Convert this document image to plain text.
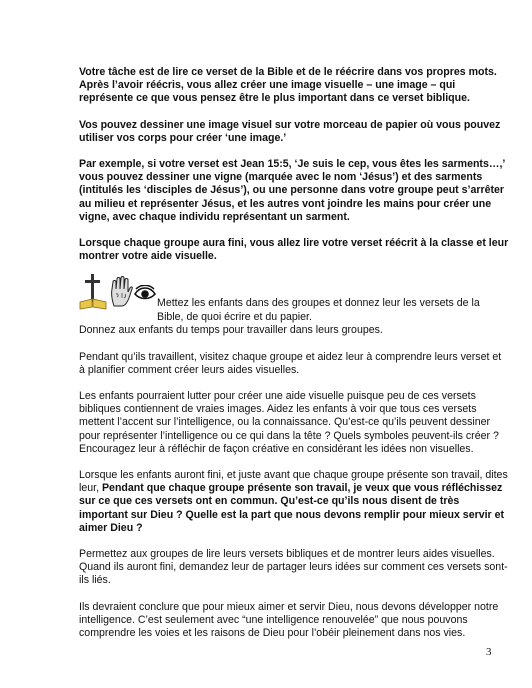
Votre tâche est de lire ce verset de la Bible et de le réécrire dans vos propres mots. Après l’avoir réécris, vous allez créer une image visuelle – une image – qui représente ce que vous pensez être le plus important dans ce verset biblique.

Vos pouvez dessiner une image visuel sur votre morceau de papier où vous pouvez utiliser vos corps pour créer ‘une image.’

Par exemple, si votre verset est Jean 15:5, ‘Je suis le cep, vous êtes les sarments…,’ vous pouvez dessiner une vigne (marquée avec le nom ‘Jésus’) et des sarments (intitulés les ‘disciples de Jésus’), ou une personne dans votre groupe peut s’arrêter au milieu et représenter Jésus, et les autres vont joindre les mains pour créer une vigne, avec chaque individu représentant un sarment.

Lorsque chaque groupe aura fini, vous allez lire votre verset réécrit à la classe et leur montrer votre aide visuelle.

Mettez les enfants dans des groupes et donnez leur les versets de la Bible, de quoi écrire et du papier.

Donnez aux enfants du temps pour travailler dans leurs groupes.

Pendant qu’ils travaillent, visitez chaque groupe et aidez leur à comprendre leurs verset et à planifier comment créer leurs aides visuelles.

Les enfants pourraient lutter pour créer une aide visuelle puisque peu de ces versets bibliques contiennent de vraies images. Aidez les enfants à voir que tous ces versets mettent l’accent sur l’intelligence, ou la connaissance. Qu’est-ce qu’ils peuvent dessiner pour représenter l’intelligence ou ce qui dans la tête ? Quels symboles peuvent-ils créer ? Encouragez leur à réfléchir de façon créative en considérant les idées non visuelles.

Lorsque les enfants auront fini, et juste avant que chaque groupe présente son travail, dites leur, Pendant que chaque groupe présente son travail, je veux que vous réfléchissez sur ce que ces versets ont en commun. Qu’est-ce qu’ils nous disent de très important sur Dieu ? Quelle est la part que nous devons remplir pour mieux servir et aimer Dieu ?

Permettez aux groupes de lire leurs versets bibliques et de montrer leurs aides visuelles. Quand ils auront fini, demandez leur de partager leurs idées sur comment ces versets sont-ils liés.

Ils devraient conclure que pour mieux aimer et servir Dieu, nous devons développer notre intelligence. C’est seulement avec “une intelligence renouvelée” que nous pouvons comprendre les voies et les raisons de Dieu pour l’obéir pleinement dans nos vies.

3
